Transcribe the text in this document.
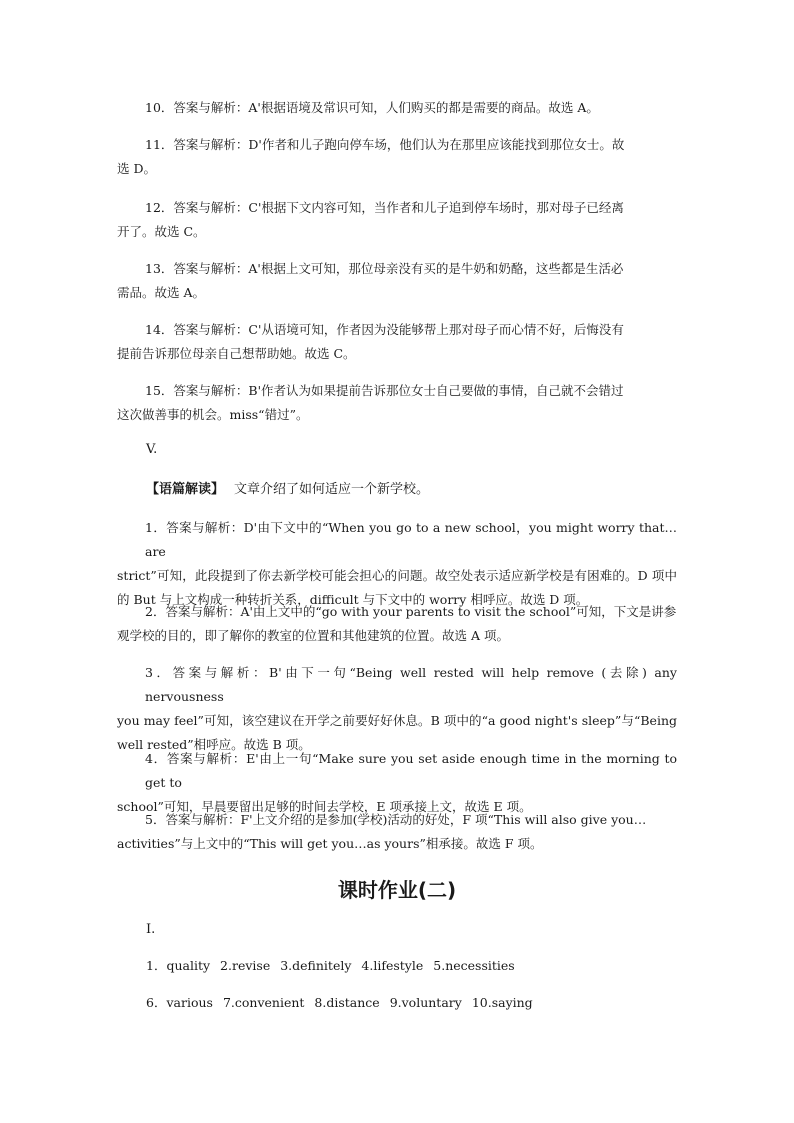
10．答案与解析：A'根据语境及常识可知，人们购买的都是需要的商品。故选 A。

11．答案与解析：D'作者和儿子跑向停车场，他们认为在那里应该能找到那位女士。故
选 D。

12．答案与解析：C'根据下文内容可知，当作者和儿子追到停车场时，那对母子已经离
开了。故选 C。

13．答案与解析：A'根据上文可知，那位母亲没有买的是牛奶和奶酪，这些都是生活必
需品。故选 A。

14．答案与解析：C'从语境可知，作者因为没能够帮上那对母子而心情不好，后悔没有
提前告诉那位母亲自己想帮助她。故选 C。

15．答案与解析：B'作者认为如果提前告诉那位女士自己要做的事情，自己就不会错过
这次做善事的机会。miss“错过”。

V.

【语篇解读】 文章介绍了如何适应一个新学校。

1．答案与解析：D'由下文中的“When you go to a new school，you might worry that…are
strict”可知，此段提到了你去新学校可能会担心的问题。故空处表示适应新学校是有困难的。D 项中的 But 与上文构成一种转折关系，difficult 与下文中的 worry 相呼应。故选 D 项。

2．答案与解析：A'由上文中的“go with your parents to visit the school”可知，下文是讲参
观学校的目的，即了解你的教室的位置和其他建筑的位置。故选 A 项。

3．答案与解析：B'由下一句“Being well rested will help remove (去除) any nervousness
you may feel”可知，该空建议在开学之前要好好休息。B 项中的“a good night's sleep”与“Being well rested”相呼应。故选 B 项。

4．答案与解析：E'由上一句“Make sure you set aside enough time in the morning to get to
school”可知，早晨要留出足够的时间去学校，E 项承接上文，故选 E 项。

5．答案与解析：F'上文介绍的是参加(学校)活动的好处，F 项“This will also give you…
activities”与上文中的“This will get you…as yours”相承接。故选 F 项。

课时作业(二)

I.

1．quality 2.revise 3.definitely 4.lifestyle 5.necessities

6．various 7.convenient 8.distance 9.voluntary 10.saying
